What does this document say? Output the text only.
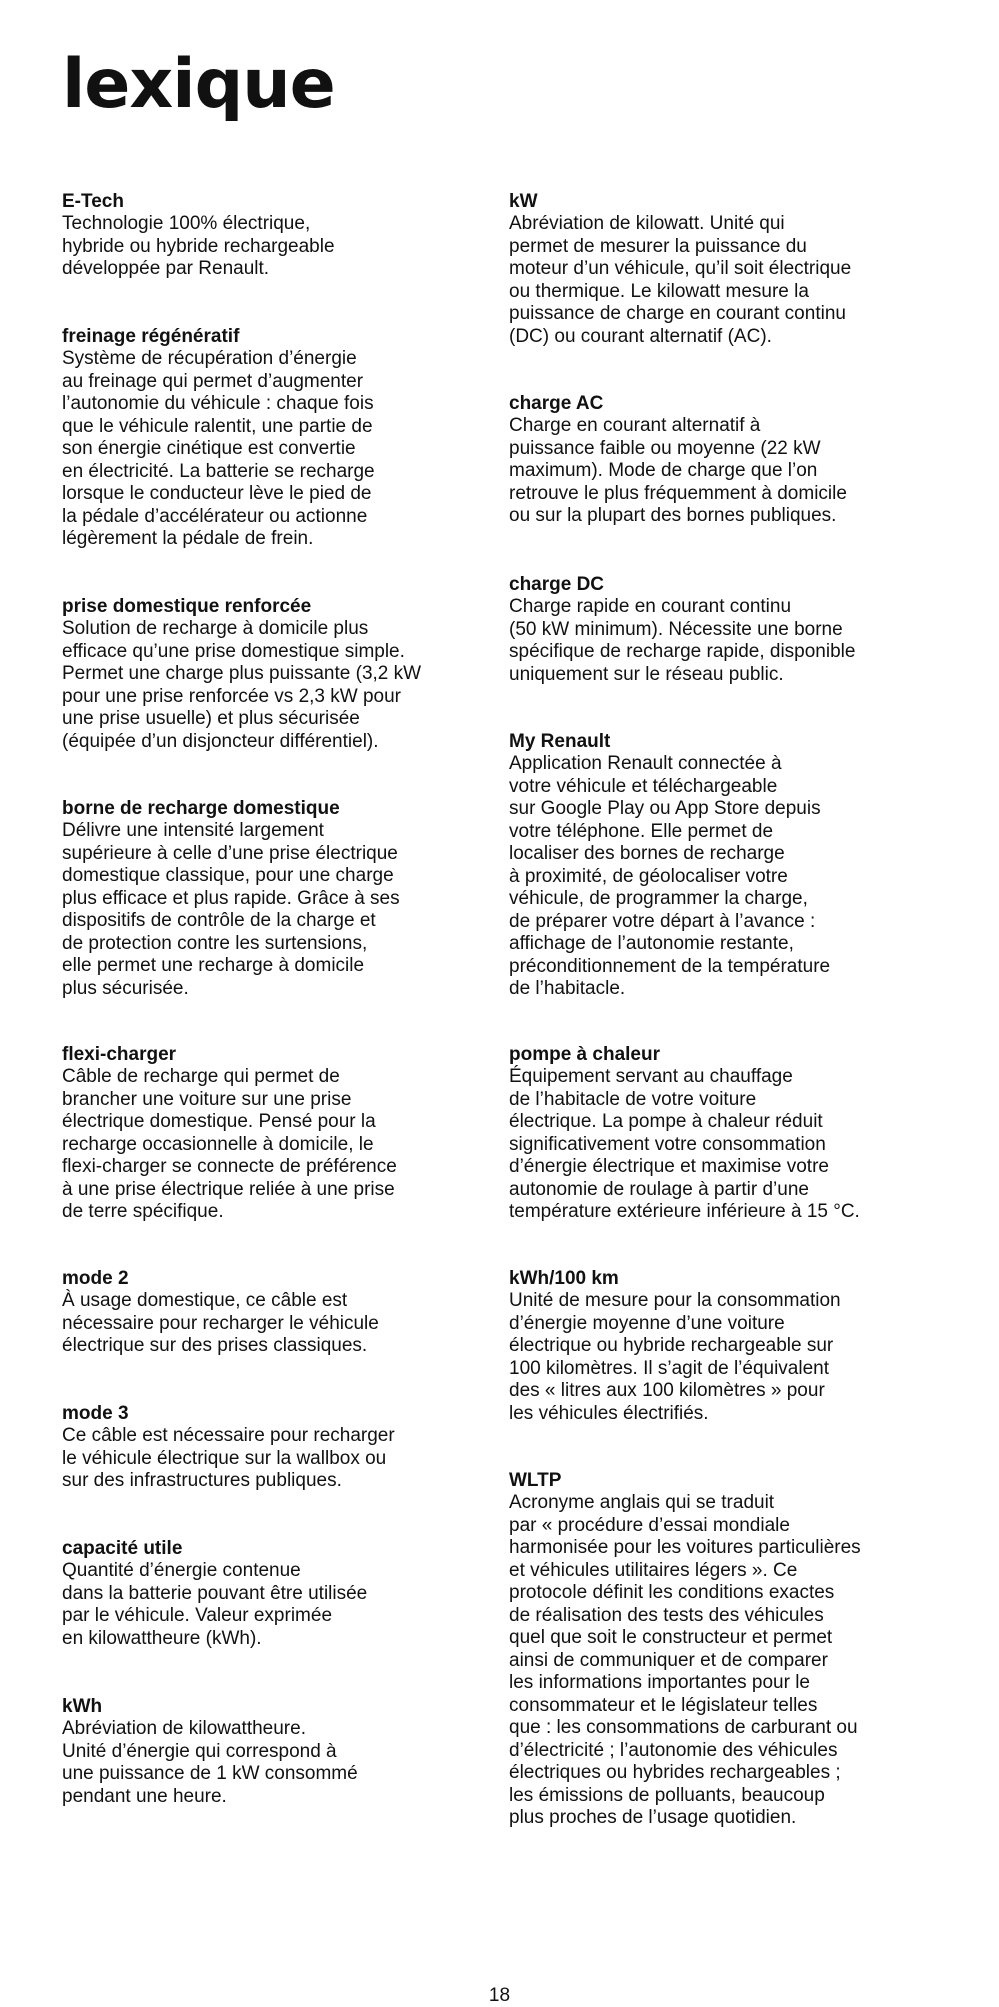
lexique

E-Tech

Technologie 100% électrique,
hybride ou hybride rechargeable
développée par Renault.

freinage régénératif

Système de récupération d’énergie
au freinage qui permet d’augmenter
l’autonomie du véhicule : chaque fois
que le véhicule ralentit, une partie de
son énergie cinétique est convertie
en électricité. La batterie se recharge
lorsque le conducteur lève le pied de
la pédale d’accélérateur ou actionne
légèrement la pédale de frein.

prise domestique renforcée

Solution de recharge à domicile plus
efficace qu’une prise domestique simple.
Permet une charge plus puissante (3,2 kW
pour une prise renforcée vs 2,3 kW pour
une prise usuelle) et plus sécurisée
(équipée d’un disjoncteur différentiel).

borne de recharge domestique

Délivre une intensité largement
supérieure à celle d’une prise électrique
domestique classique, pour une charge
plus efficace et plus rapide. Grâce à ses
dispositifs de contrôle de la charge et
de protection contre les surtensions,
elle permet une recharge à domicile
plus sécurisée.

flexi-charger

Câble de recharge qui permet de
brancher une voiture sur une prise
électrique domestique. Pensé pour la
recharge occasionnelle à domicile, le
flexi-charger se connecte de préférence
à une prise électrique reliée à une prise
de terre spécifique.

mode 2

À usage domestique, ce câble est
nécessaire pour recharger le véhicule
électrique sur des prises classiques.

mode 3

Ce câble est nécessaire pour recharger
le véhicule électrique sur la wallbox ou
sur des infrastructures publiques.

capacité utile

Quantité d’énergie contenue
dans la batterie pouvant être utilisée
par le véhicule. Valeur exprimée
en kilowattheure (kWh).

kWh

Abréviation de kilowattheure.
Unité d’énergie qui correspond à
une puissance de 1 kW consommé
pendant une heure.

kW

Abréviation de kilowatt. Unité qui
permet de mesurer la puissance du
moteur d’un véhicule, qu’il soit électrique
ou thermique. Le kilowatt mesure la
puissance de charge en courant continu
(DC) ou courant alternatif (AC).

charge AC

Charge en courant alternatif à
puissance faible ou moyenne (22 kW
maximum). Mode de charge que l’on
retrouve le plus fréquemment à domicile
ou sur la plupart des bornes publiques.

charge DC

Charge rapide en courant continu
(50 kW minimum). Nécessite une borne
spécifique de recharge rapide, disponible
uniquement sur le réseau public.

My Renault

Application Renault connectée à
votre véhicule et téléchargeable
sur Google Play ou App Store depuis
votre téléphone. Elle permet de
localiser des bornes de recharge
à proximité, de géolocaliser votre
véhicule, de programmer la charge,
de préparer votre départ à l’avance :
affichage de l’autonomie restante,
préconditionnement de la température
de l’habitacle.

pompe à chaleur

Équipement servant au chauffage
de l’habitacle de votre voiture
électrique. La pompe à chaleur réduit
significativement votre consommation
d’énergie électrique et maximise votre
autonomie de roulage à partir d’une
température extérieure inférieure à 15 °C.

kWh/100 km

Unité de mesure pour la consommation
d’énergie moyenne d’une voiture
électrique ou hybride rechargeable sur
100 kilomètres. Il s’agit de l’équivalent
des « litres aux 100 kilomètres » pour
les véhicules électrifiés.

WLTP

Acronyme anglais qui se traduit
par « procédure d’essai mondiale
harmonisée pour les voitures particulières
et véhicules utilitaires légers ». Ce
protocole définit les conditions exactes
de réalisation des tests des véhicules
quel que soit le constructeur et permet
ainsi de communiquer et de comparer
les informations importantes pour le
consommateur et le législateur telles
que : les consommations de carburant ou
d’électricité ; l’autonomie des véhicules
électriques ou hybrides rechargeables ;
les émissions de polluants, beaucoup
plus proches de l’usage quotidien.

18
